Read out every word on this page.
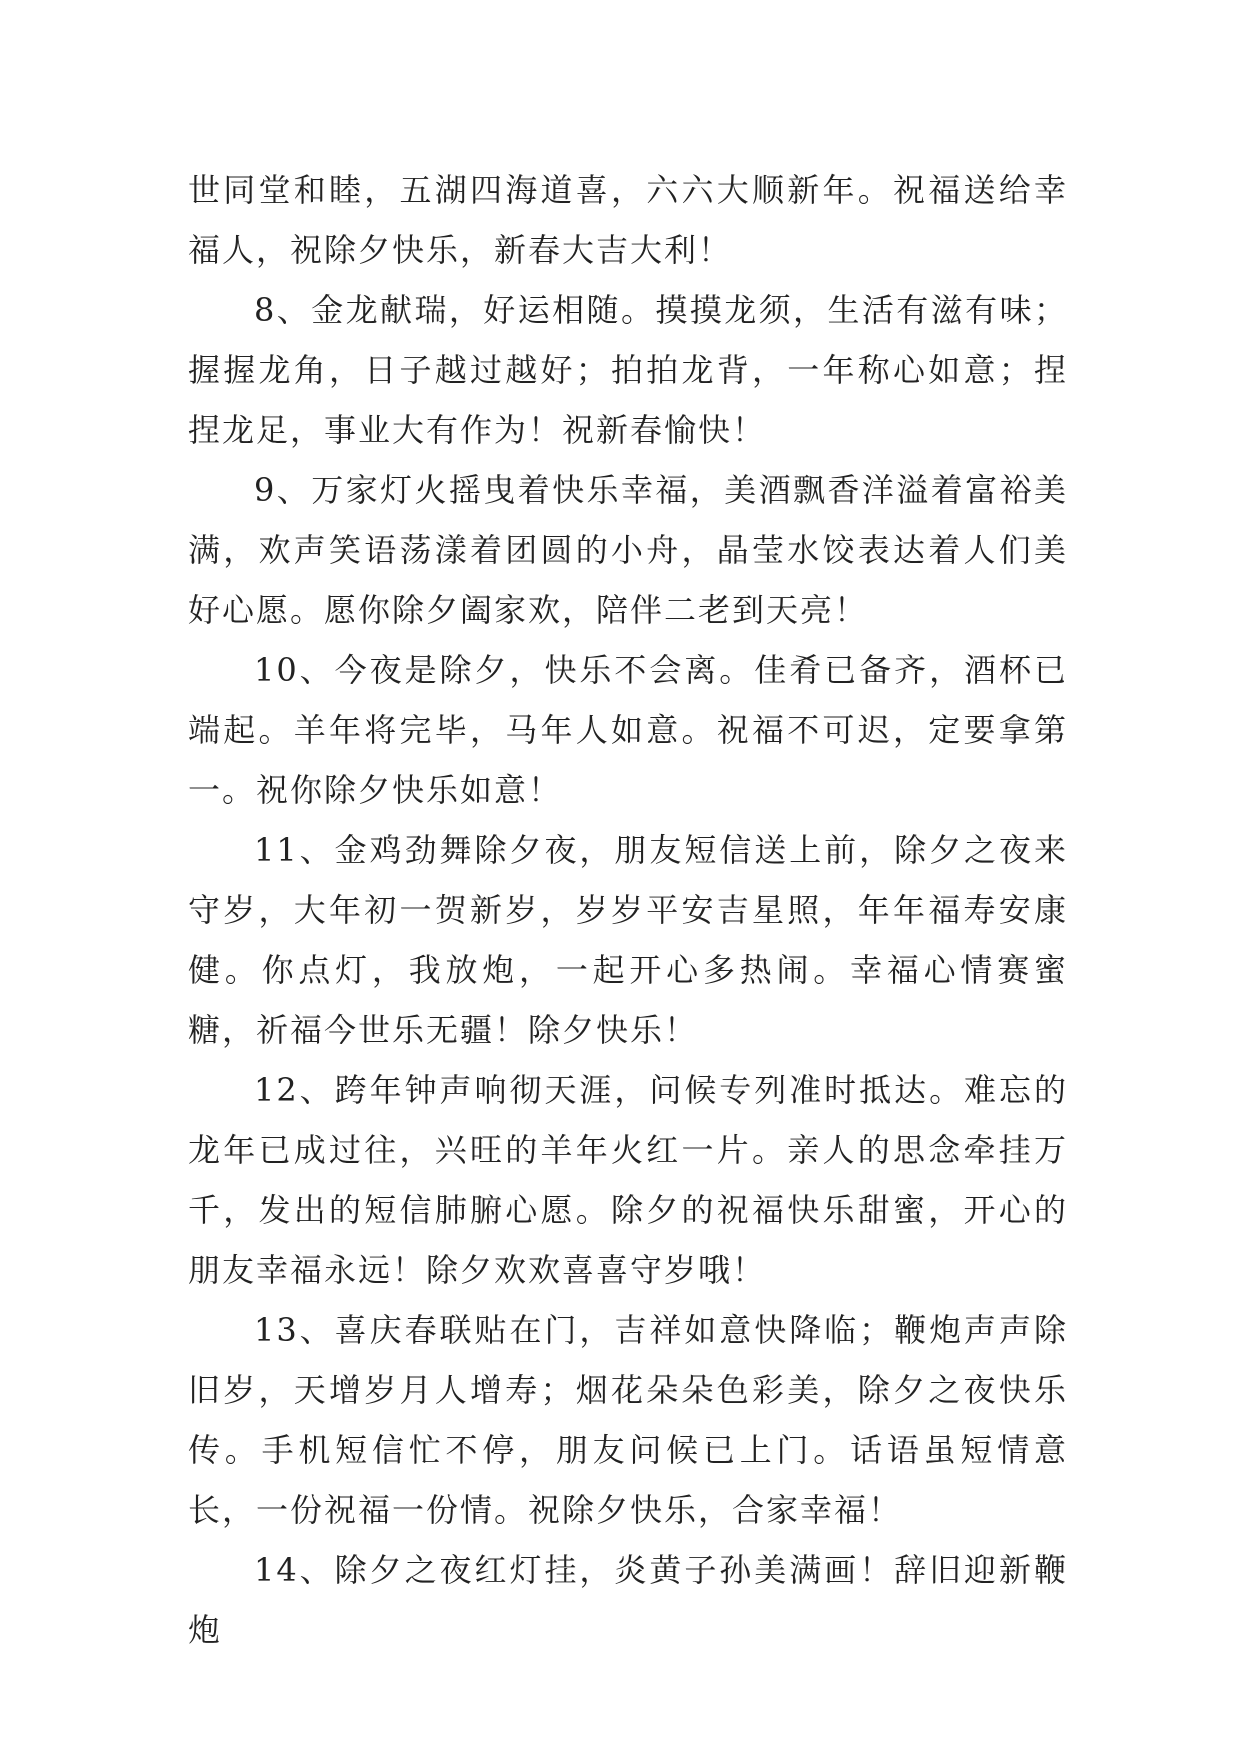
世同堂和睦，五湖四海道喜，六六大顺新年。祝福送给幸福人，祝除夕快乐，新春大吉大利！

8、金龙献瑞，好运相随。摸摸龙须，生活有滋有味；握握龙角，日子越过越好；拍拍龙背，一年称心如意；捏捏龙足，事业大有作为！祝新春愉快！

9、万家灯火摇曳着快乐幸福，美酒飘香洋溢着富裕美满，欢声笑语荡漾着团圆的小舟，晶莹水饺表达着人们美好心愿。愿你除夕阖家欢，陪伴二老到天亮！

10、今夜是除夕，快乐不会离。佳肴已备齐，酒杯已端起。羊年将完毕，马年人如意。祝福不可迟，定要拿第一。祝你除夕快乐如意！

11、金鸡劲舞除夕夜，朋友短信送上前，除夕之夜来守岁，大年初一贺新岁，岁岁平安吉星照，年年福寿安康健。你点灯，我放炮，一起开心多热闹。幸福心情赛蜜糖，祈福今世乐无疆！除夕快乐！

12、跨年钟声响彻天涯，问候专列准时抵达。难忘的龙年已成过往，兴旺的羊年火红一片。亲人的思念牵挂万千，发出的短信肺腑心愿。除夕的祝福快乐甜蜜，开心的朋友幸福永远！除夕欢欢喜喜守岁哦！

13、喜庆春联贴在门，吉祥如意快降临；鞭炮声声除旧岁，天增岁月人增寿；烟花朵朵色彩美，除夕之夜快乐传。手机短信忙不停，朋友问候已上门。话语虽短情意长，一份祝福一份情。祝除夕快乐，合家幸福！

14、除夕之夜红灯挂，炎黄子孙美满画！辞旧迎新鞭炮
